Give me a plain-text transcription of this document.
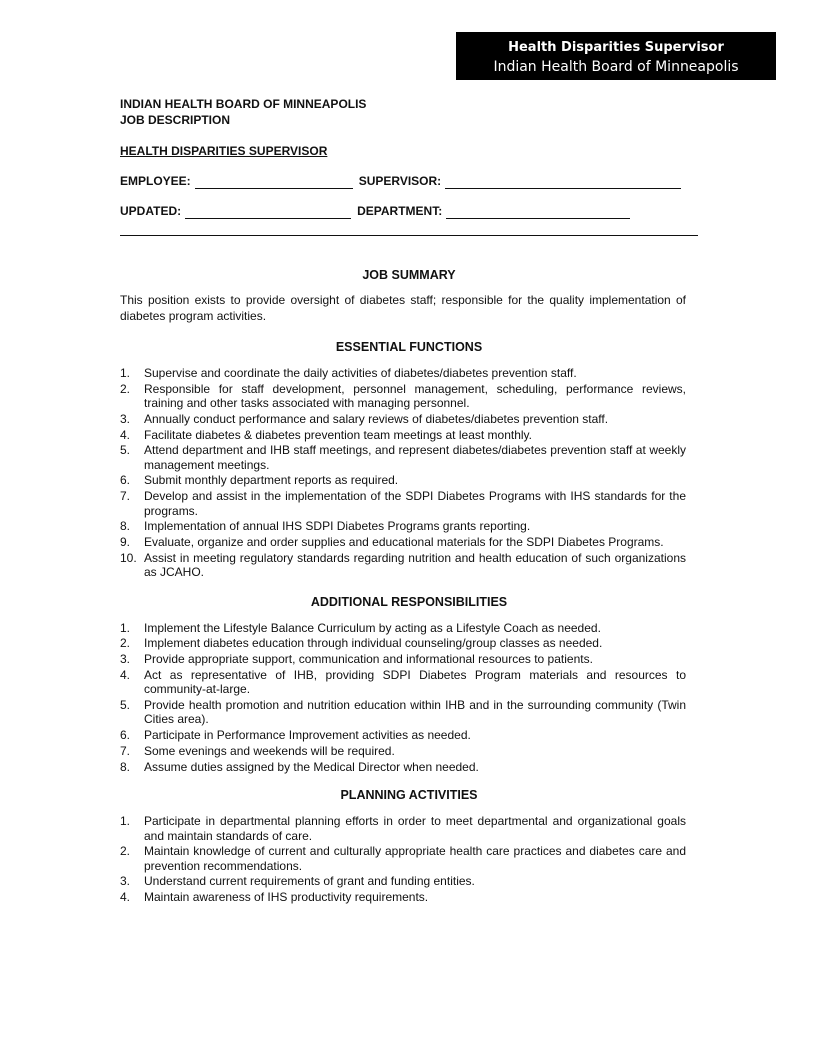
Health Disparities Supervisor
Indian Health Board of Minneapolis
INDIAN HEALTH BOARD OF MINNEAPOLIS
JOB DESCRIPTION
HEALTH DISPARITIES SUPERVISOR
EMPLOYEE:	SUPERVISOR:
UPDATED:	DEPARTMENT:
JOB SUMMARY
This position exists to provide oversight of diabetes staff; responsible for the quality implementation of diabetes program activities.
ESSENTIAL FUNCTIONS
1.	Supervise and coordinate the daily activities of diabetes/diabetes prevention staff.
2.	Responsible for staff development, personnel management, scheduling, performance reviews, training and other tasks associated with managing personnel.
3.	Annually conduct performance and salary reviews of diabetes/diabetes prevention staff.
4.	Facilitate diabetes & diabetes prevention team meetings at least monthly.
5.	Attend department and IHB staff meetings, and represent diabetes/diabetes prevention staff at weekly management meetings.
6.	Submit monthly department reports as required.
7.	Develop and assist in the implementation of the SDPI Diabetes Programs with IHS standards for the programs.
8.	Implementation of annual IHS SDPI Diabetes Programs grants reporting.
9.	Evaluate, organize and order supplies and educational materials for the SDPI Diabetes Programs.
10. Assist in meeting regulatory standards regarding nutrition and health education of such organizations as JCAHO.
ADDITIONAL RESPONSIBILITIES
1.	Implement the Lifestyle Balance Curriculum by acting as a Lifestyle Coach as needed.
2.	Implement diabetes education through individual counseling/group classes as needed.
3.	Provide appropriate support, communication and informational resources to patients.
4.	Act as representative of IHB, providing SDPI Diabetes Program materials and resources to community-at-large.
5.	Provide health promotion and nutrition education within IHB and in the surrounding community (Twin Cities area).
6.	Participate in Performance Improvement activities as needed.
7.	Some evenings and weekends will be required.
8.	Assume duties assigned by the Medical Director when needed.
PLANNING ACTIVITIES
1.	Participate in departmental planning efforts in order to meet departmental and organizational goals and maintain standards of care.
2.	Maintain knowledge of current and culturally appropriate health care practices and diabetes care and prevention recommendations.
3.	Understand current requirements of grant and funding entities.
4.	Maintain awareness of IHS productivity requirements.
